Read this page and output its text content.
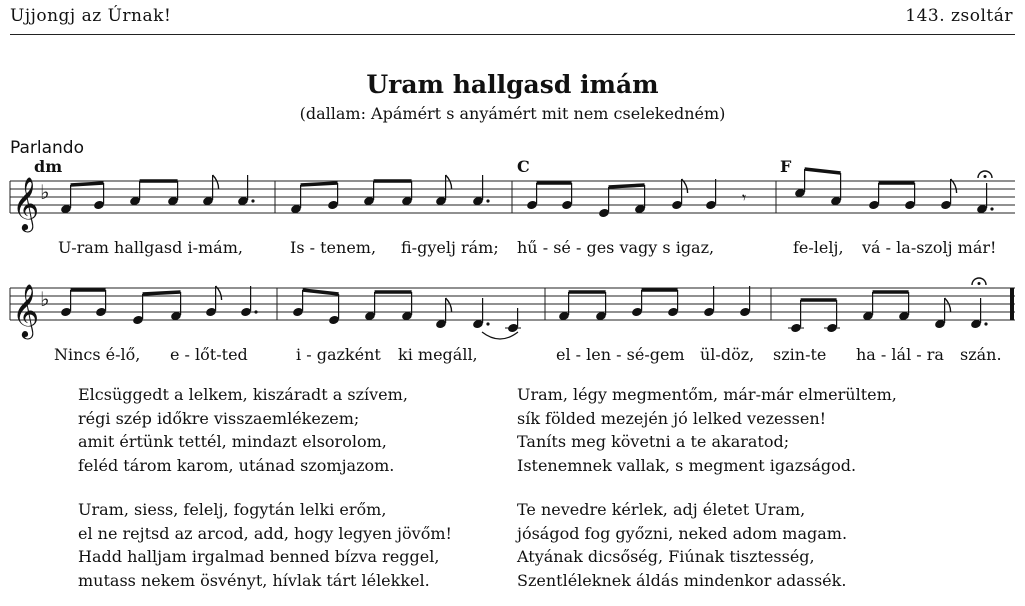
Ujjongj az Úrnak!	143. zsoltár
Uram hallgasd imám
(dallam: Apámért s anyámért mit nem cselekedném)
Parlando
𝄞 ♭
dm	C	F
𝄾
𝄞 ♭
U-ram hallgasd i-mám,	Is - tenem, fi-gyelj rám; hű - sé - ges vagy s igaz,	fe-lelj, vá - la-szolj már!
Nincs é-lő, e - lőt-ted	i - gazként ki megáll,	el - len - sé-gem ül-döz, szin-te ha - lál - ra szán.
Elcsüggedt a lelkem, kiszáradt a szívem,
régi szép időkre visszaemlékezem;
amit értünk tettél, mindazt elsorolom,
feléd tárom karom, utánad szomjazom.
Uram, légy megmentőm, már-már elmerültem,
sík földed mezején jó lelked vezessen!
Taníts meg követni a te akaratod;
Istenemnek vallak, s megment igazságod.
Uram, siess, felelj, fogytán lelki erőm,
el ne rejtsd az arcod, add, hogy legyen jövőm!
Hadd halljam irgalmad benned bízva reggel,
mutass nekem ösvényt, hívlak tárt lélekkel.
Te nevedre kérlek, adj életet Uram,
jóságod fog győzni, neked adom magam.
Atyának dicsőség, Fiúnak tisztesség,
Szentléleknek áldás mindenkor adassék.
